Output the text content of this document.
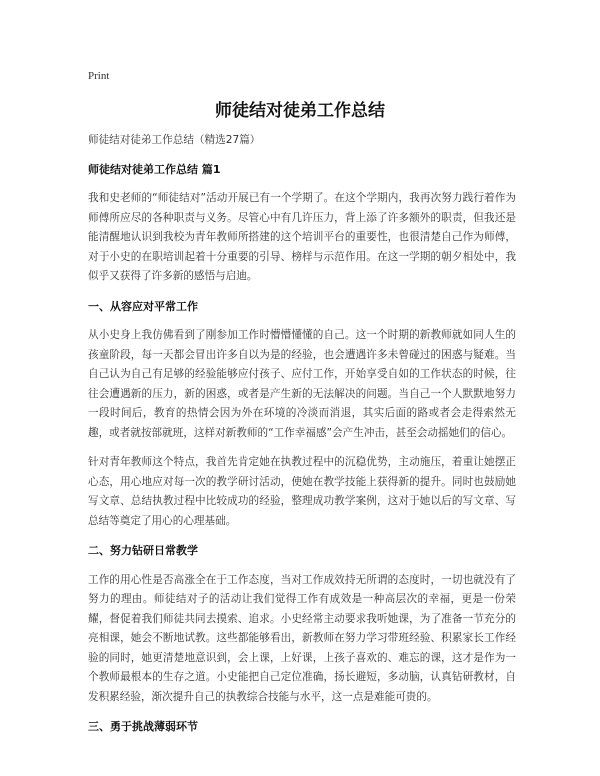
Print
师徒结对徒弟工作总结
师徒结对徒弟工作总结（精选27篇）
师徒结对徒弟工作总结 篇1

我和史老师的“师徒结对”活动开展已有一个学期了。在这个学期内，我再次努力践行着作为师傅所应尽的各种职责与义务。尽管心中有几许压力，背上添了许多额外的职责，但我还是能清醒地认识到我校为青年教师所搭建的这个培训平台的重要性，也很清楚自己作为师傅，对于小史的在职培训起着十分重要的引导、榜样与示范作用。在这一学期的朝夕相处中，我似乎又获得了许多新的感悟与启迪。

一、从容应对平常工作

从小史身上我仿佛看到了刚参加工作时懵懵懂懂的自己。这一个时期的新教师就如同人生的孩童阶段，每一天都会冒出许多自以为是的经验，也会遭遇许多未曾碰过的困惑与疑难。当自己认为自己有足够的经验能够应付孩子、应付工作，开始享受自如的工作状态的时候，往往会遭遇新的压力，新的困惑，或者是产生新的无法解决的问题。当自己一个人默默地努力一段时间后，教育的热情会因为外在环境的冷淡而消退，其实后面的路或者会走得索然无趣，或者就按部就班，这样对新教师的“工作幸福感”会产生冲击，甚至会动摇她们的信心。

针对青年教师这个特点，我首先肯定她在执教过程中的沉稳优势，主动施压，着重让她摆正心态，用心地应对每一次的教学研讨活动，使她在教学技能上获得新的提升。同时也鼓励她写文章、总结执教过程中比较成功的经验，整理成功教学案例，这对于她以后的写文章、写总结等奠定了用心的心理基础。

二、努力钻研日常教学

工作的用心性是否高涨全在于工作态度，当对工作成效持无所谓的态度时，一切也就没有了努力的理由。师徒结对子的活动让我们觉得工作有成效是一种高层次的幸福，更是一份荣耀，督促着我们师徒共同去摸索、追求。小史经常主动要求我听她课，为了准备一节充分的亮相课，她会不断地试教。这些都能够看出，新教师在努力学习带班经验、积累家长工作经验的同时，她更清楚地意识到，会上课，上好课，上孩子喜欢的、难忘的课，这才是作为一个教师最根本的生存之道。小史能把自己定位准确，扬长避短，多动脑，认真钻研教材，自发积累经验，渐次提升自己的执教综合技能与水平，这一点是难能可贵的。

三、勇于挑战薄弱环节
